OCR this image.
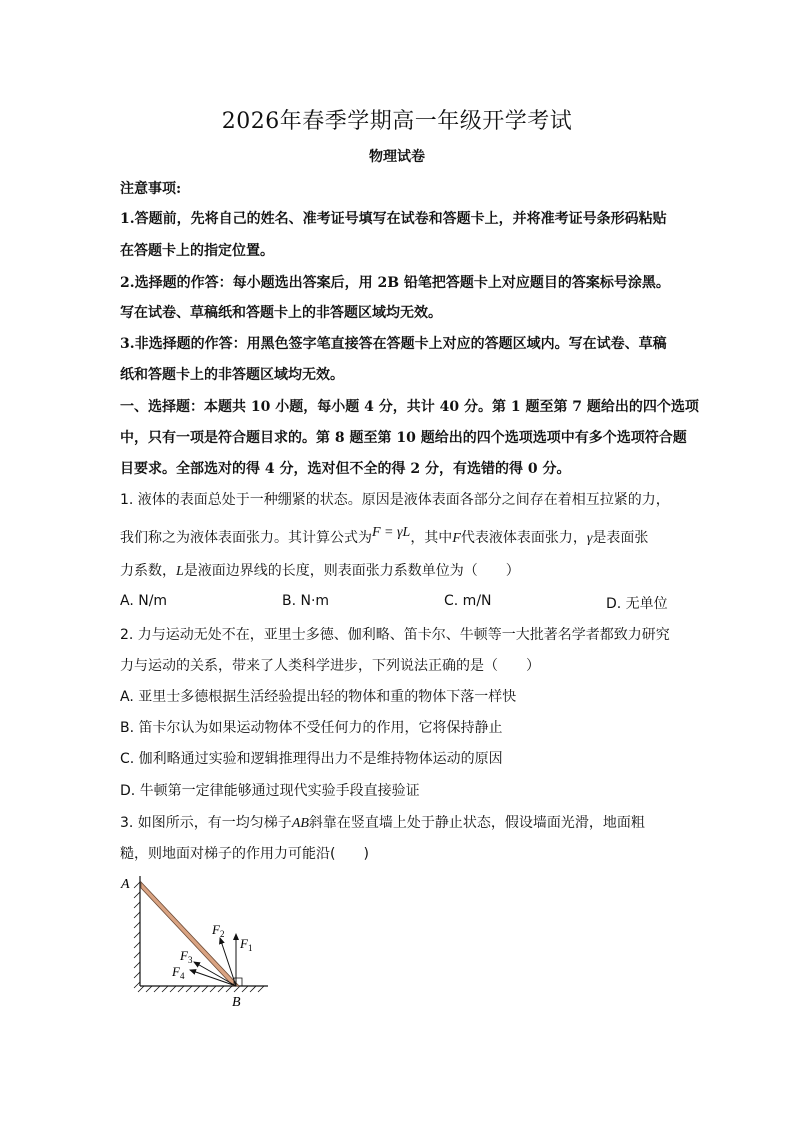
2026年春季学期高一年级开学考试
物理试卷
注意事项:
1.答题前，先将自己的姓名、准考证号填写在试卷和答题卡上，并将准考证号条形码粘贴
在答题卡上的指定位置。
2.选择题的作答：每小题选出答案后，用 2B 铅笔把答题卡上对应题目的答案标号涂黑。
写在试卷、草稿纸和答题卡上的非答题区域均无效。
3.非选择题的作答：用黑色签字笔直接答在答题卡上对应的答题区域内。写在试卷、草稿
纸和答题卡上的非答题区域均无效。
一、选择题：本题共 10 小题，每小题 4 分，共计 40 分。第 1 题至第 7 题给出的四个选项
中，只有一项是符合题目求的。第 8 题至第 10 题给出的四个选项选项中有多个选项符合题
目要求。全部选对的得 4 分，选对但不全的得 2 分，有选错的得 0 分。
1. 液体的表面总处于一种绷紧的状态。原因是液体表面各部分之间存在着相互拉紧的力，
我们称之为液体表面张力。其计算公式为F = γL，其中F代表液体表面张力，γ是表面张
力系数，L是液面边界线的长度，则表面张力系数单位为（　　）
A. N/m	B. N·m	C. m/N	D. 无单位
2. 力与运动无处不在，亚里士多德、伽利略、笛卡尔、牛顿等一大批著名学者都致力研究
力与运动的关系，带来了人类科学进步，下列说法正确的是（　　）
A. 亚里士多德根据生活经验提出轻的物体和重的物体下落一样快
B. 笛卡尔认为如果运动物体不受任何力的作用，它将保持静止
C. 伽利略通过实验和逻辑推理得出力不是维持物体运动的原因
D. 牛顿第一定律能够通过现代实验手段直接验证
3. 如图所示，有一均匀梯子AB斜靠在竖直墙上处于静止状态，假设墙面光滑，地面粗
糙，则地面对梯子的作用力可能沿(　　)
A
B
$F_1$
$F_2$
$F_3$
$F_4$
